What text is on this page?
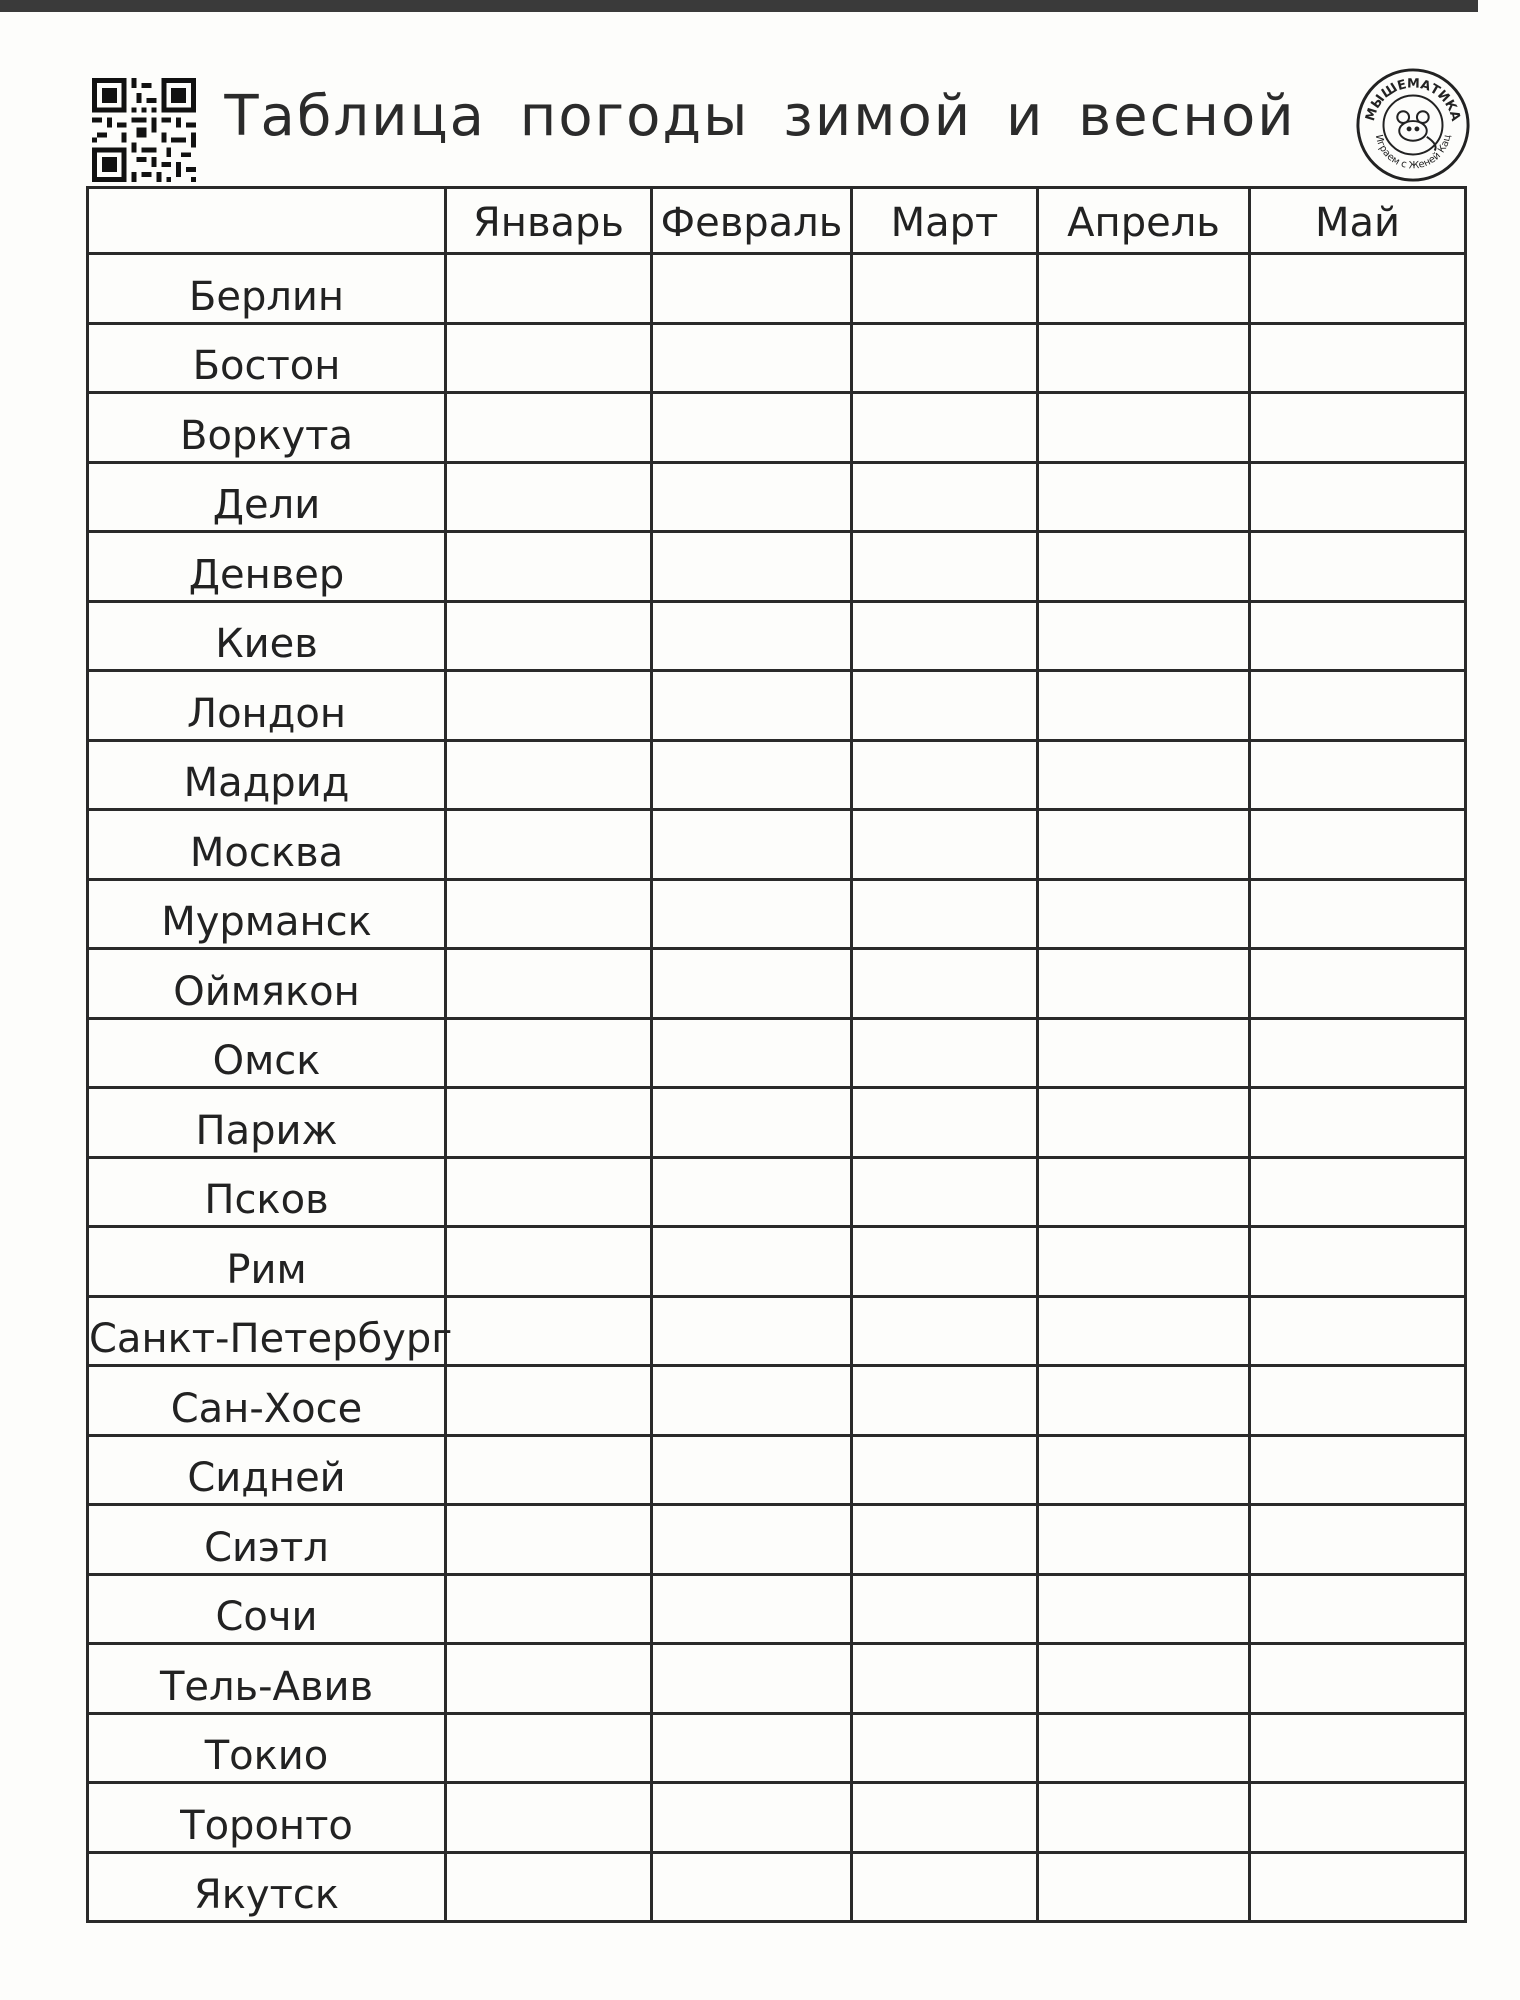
Таблица погоды зимой и весной	МЫШЕМАТИКА
Играем с Женей Кац
	Январь	Февраль	Март	Апрель	Май
Берлин					
Бостон					
Воркута					
Дели					
Денвер					
Киев					
Лондон					
Мадрид					
Москва					
Мурманск					
Оймякон					
Омск					
Париж					
Псков					
Рим					
Санкт-Петербург					
Сан-Хосе					
Сидней					
Сиэтл					
Сочи					
Тель-Авив					
Токио					
Торонто					
Якутск					
